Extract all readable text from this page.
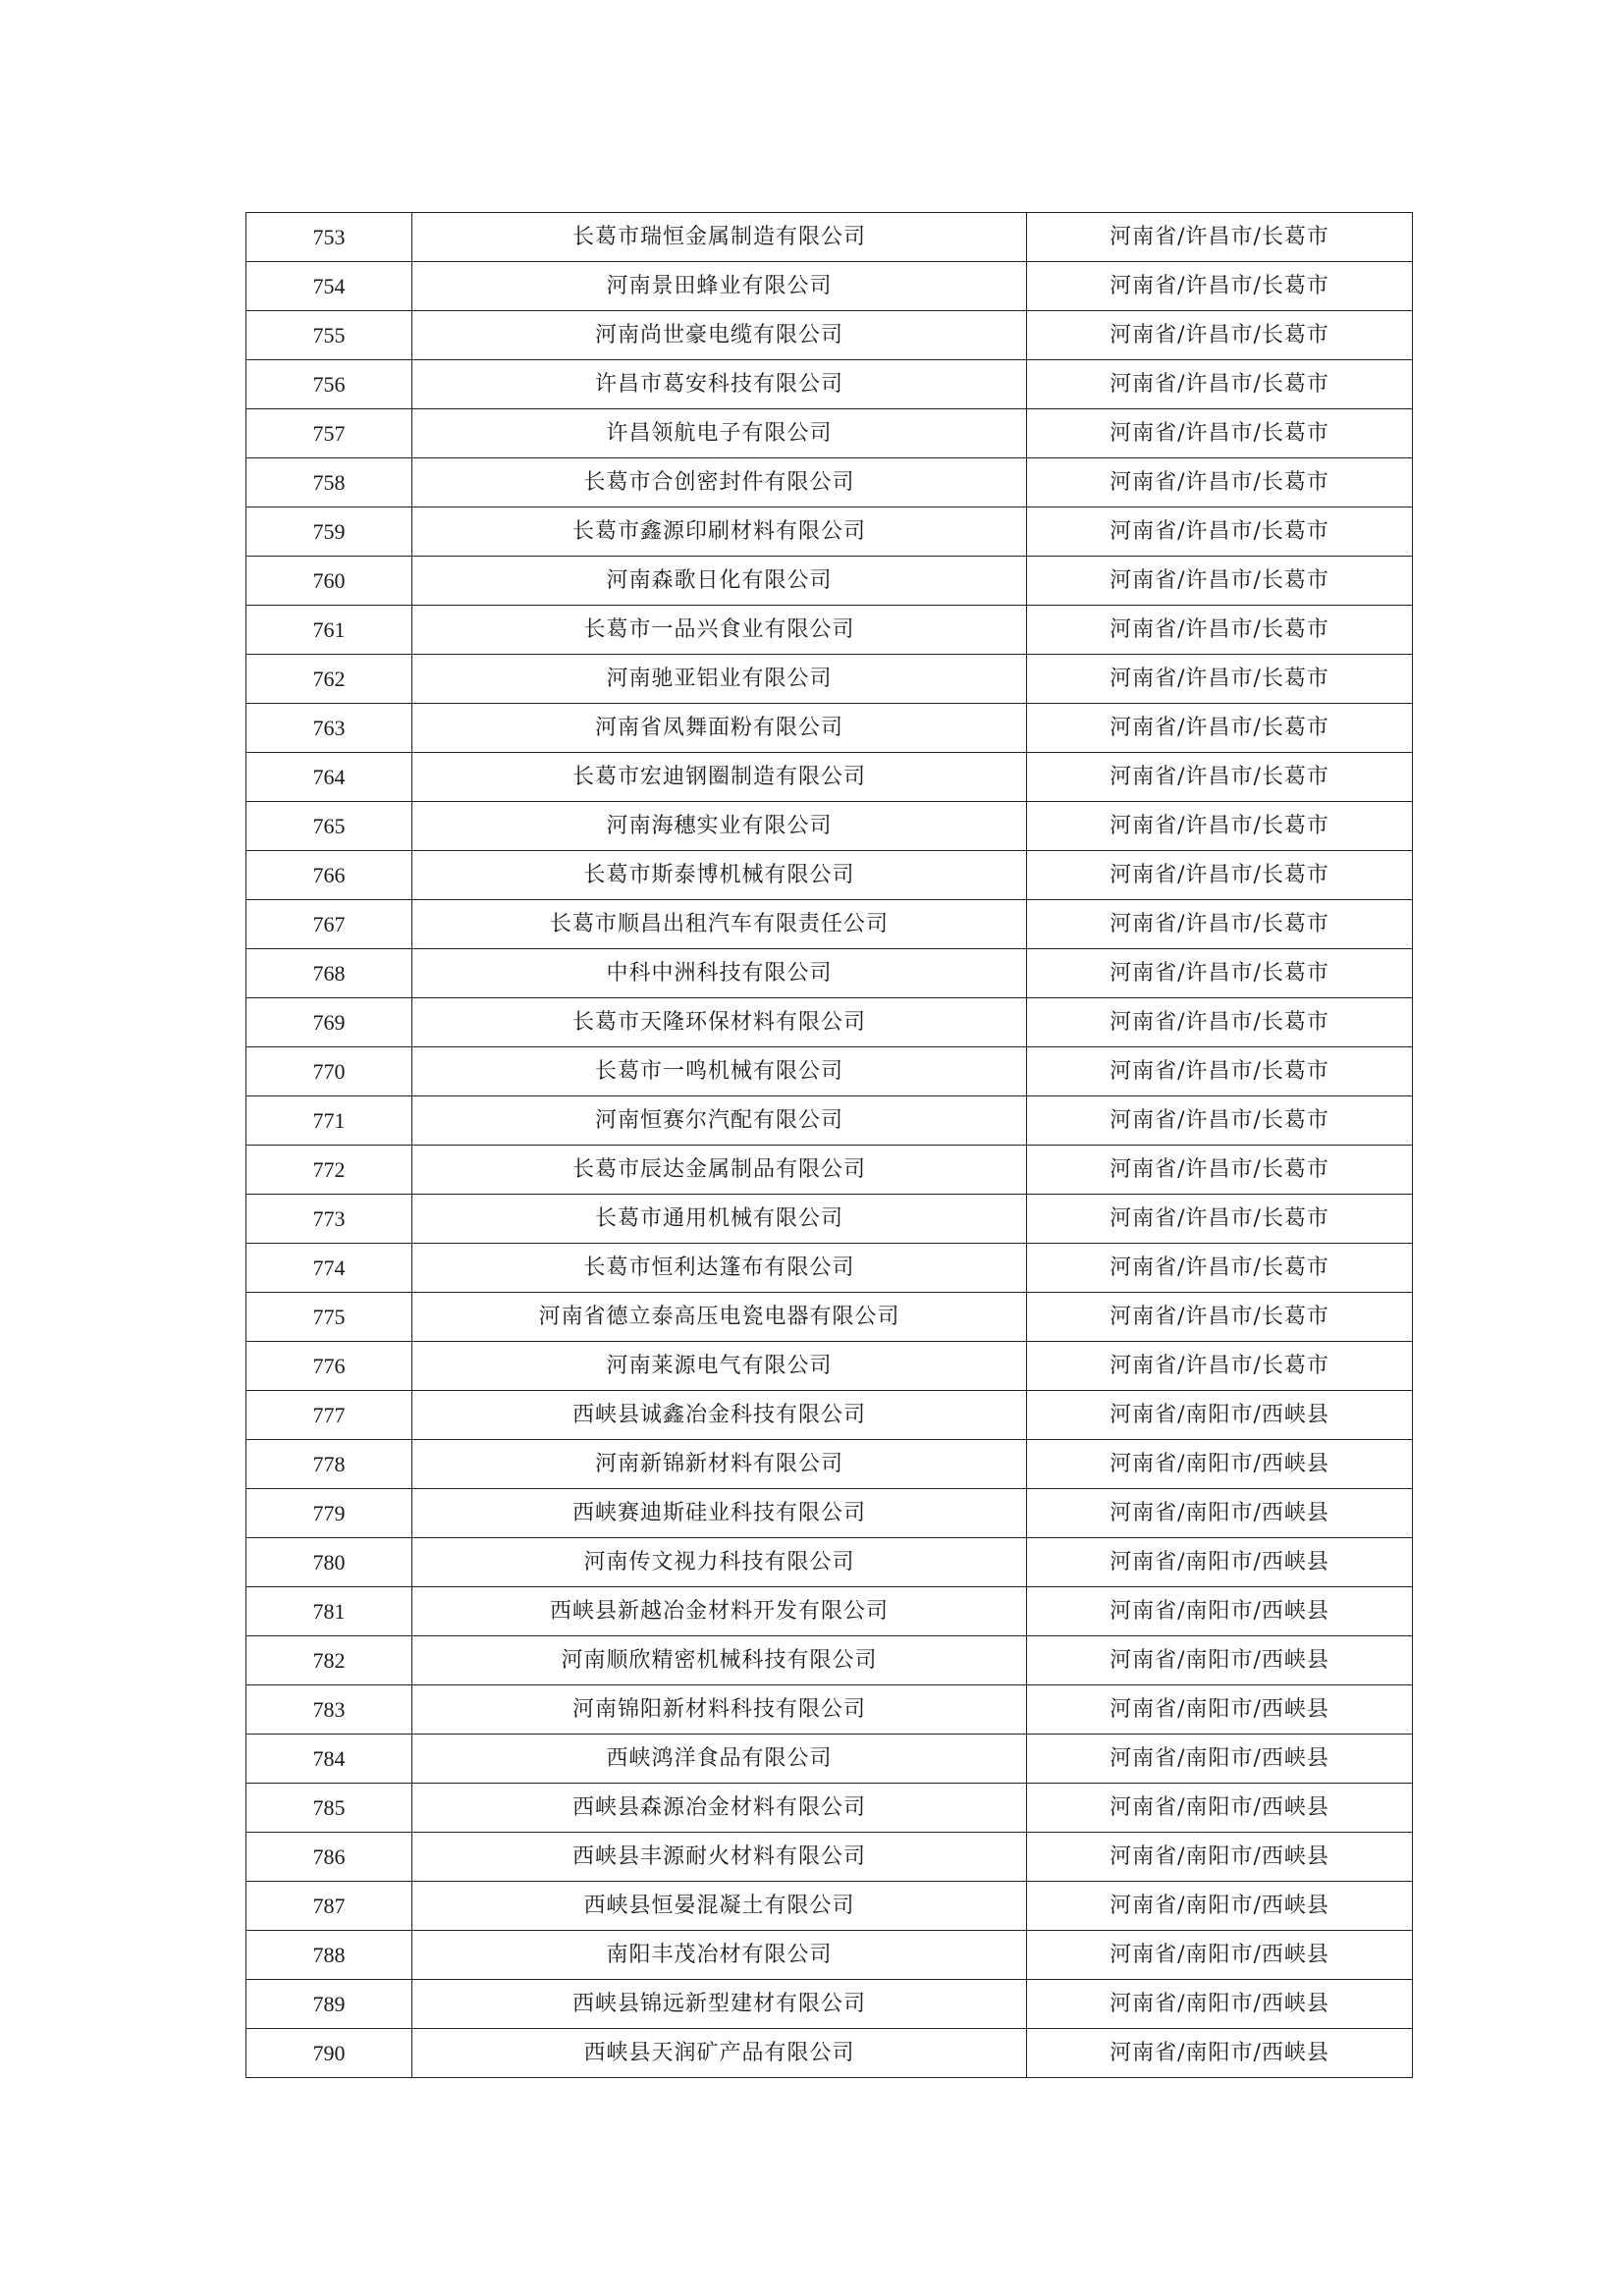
753	长葛市瑞恒金属制造有限公司	河南省/许昌市/长葛市
754	河南景田蜂业有限公司	河南省/许昌市/长葛市
755	河南尚世豪电缆有限公司	河南省/许昌市/长葛市
756	许昌市葛安科技有限公司	河南省/许昌市/长葛市
757	许昌领航电子有限公司	河南省/许昌市/长葛市
758	长葛市合创密封件有限公司	河南省/许昌市/长葛市
759	长葛市鑫源印刷材料有限公司	河南省/许昌市/长葛市
760	河南森歌日化有限公司	河南省/许昌市/长葛市
761	长葛市一品兴食业有限公司	河南省/许昌市/长葛市
762	河南驰亚铝业有限公司	河南省/许昌市/长葛市
763	河南省凤舞面粉有限公司	河南省/许昌市/长葛市
764	长葛市宏迪钢圈制造有限公司	河南省/许昌市/长葛市
765	河南海穗实业有限公司	河南省/许昌市/长葛市
766	长葛市斯泰博机械有限公司	河南省/许昌市/长葛市
767	长葛市顺昌出租汽车有限责任公司	河南省/许昌市/长葛市
768	中科中洲科技有限公司	河南省/许昌市/长葛市
769	长葛市天隆环保材料有限公司	河南省/许昌市/长葛市
770	长葛市一鸣机械有限公司	河南省/许昌市/长葛市
771	河南恒赛尔汽配有限公司	河南省/许昌市/长葛市
772	长葛市辰达金属制品有限公司	河南省/许昌市/长葛市
773	长葛市通用机械有限公司	河南省/许昌市/长葛市
774	长葛市恒利达篷布有限公司	河南省/许昌市/长葛市
775	河南省德立泰高压电瓷电器有限公司	河南省/许昌市/长葛市
776	河南莱源电气有限公司	河南省/许昌市/长葛市
777	西峡县诚鑫冶金科技有限公司	河南省/南阳市/西峡县
778	河南新锦新材料有限公司	河南省/南阳市/西峡县
779	西峡赛迪斯硅业科技有限公司	河南省/南阳市/西峡县
780	河南传文视力科技有限公司	河南省/南阳市/西峡县
781	西峡县新越冶金材料开发有限公司	河南省/南阳市/西峡县
782	河南顺欣精密机械科技有限公司	河南省/南阳市/西峡县
783	河南锦阳新材料科技有限公司	河南省/南阳市/西峡县
784	西峡鸿洋食品有限公司	河南省/南阳市/西峡县
785	西峡县森源冶金材料有限公司	河南省/南阳市/西峡县
786	西峡县丰源耐火材料有限公司	河南省/南阳市/西峡县
787	西峡县恒晏混凝土有限公司	河南省/南阳市/西峡县
788	南阳丰茂冶材有限公司	河南省/南阳市/西峡县
789	西峡县锦远新型建材有限公司	河南省/南阳市/西峡县
790	西峡县天润矿产品有限公司	河南省/南阳市/西峡县
